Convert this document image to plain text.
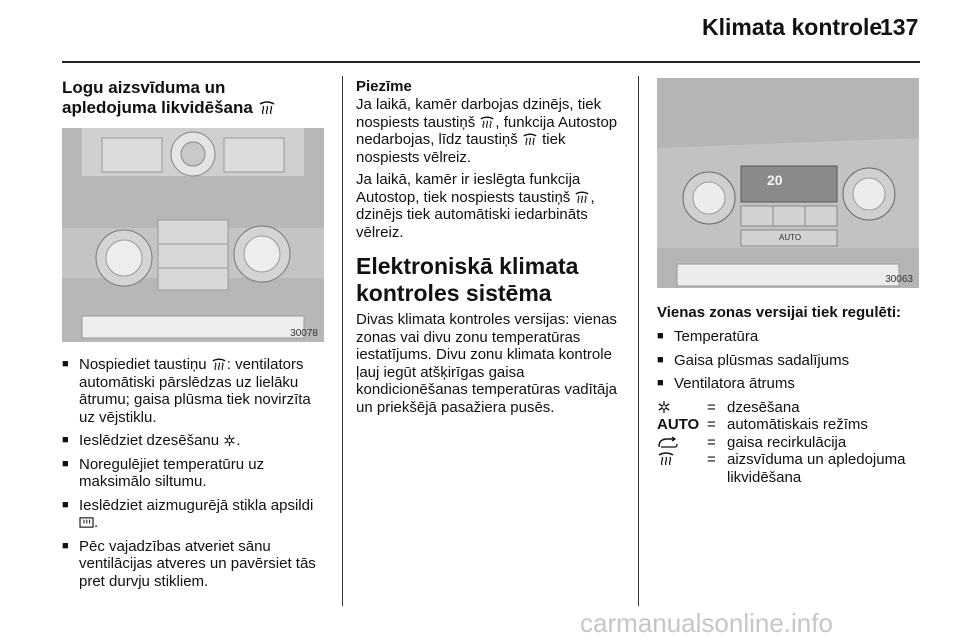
Klimata kontrole
137
Logu aizsvīduma un
apledojuma likvidēšana
30078
■ Nospiediet taustiņu : ventilators automātiski pārslēdzas uz lielāku ātrumu; gaisa plūsma tiek novirzīta uz vējstiklu.
■ Ieslēdziet dzesēšanu .
■ Noregulējiet temperatūru uz maksimālo siltumu.
■ Ieslēdziet aizmugurējā stikla apsildi .
■ Pēc vajadzības atveriet sānu ventilācijas atveres un pavērsiet tās pret durvju stikliem.
Piezīme

Ja laikā, kamēr darbojas dzinējs, tiek nospiests taustiņš , funkcija Autostop nedarbojas, līdz taustiņš  tiek nospiests vēlreiz.

Ja laikā, kamēr ir ieslēgta funkcija Autostop, tiek nospiests taustiņš , dzinējs tiek automātiski iedarbināts vēlreiz.

Elektroniskā klimata kontroles sistēma

Divas klimata kontroles versijas: vienas zonas vai divu zonu temperatūras iestatījums. Divu zonu klimata kontrole ļauj iegūt atšķirīgas gaisa kondicionēšanas temperatūras vadītāja un priekšējā pasažiera pusēs.

20
AUTO
30063
Vienas zonas versijai tiek regulēti:
■ Temperatūra
■ Gaisa plūsmas sadalījums
■ Ventilatora ātrums
	=	dzesēšana
AUTO	=	automātiskais režīms
	=	gaisa recirkulācija
	=	aizsvīduma un apledojuma likvidēšana
carmanualsonline.info
